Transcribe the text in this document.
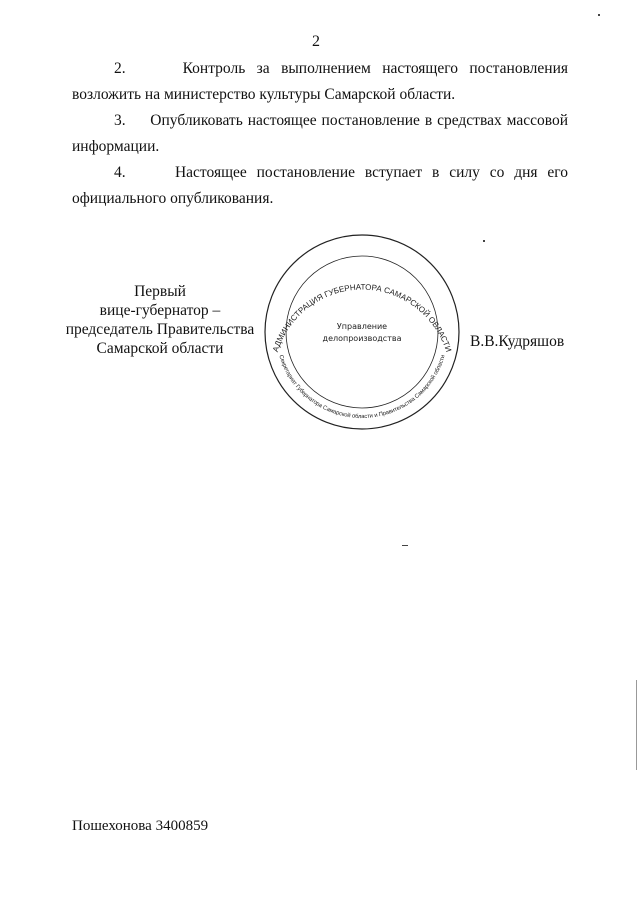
2

2.	Контроль за выполнением настоящего постановления возложить на министерство культуры Самарской области.

3. Опубликовать настоящее постановление в средствах массовой информации.

4.	Настоящее постановление вступает в силу со дня его официального опубликования.

АДМИНИСТРАЦИЯ ГУБЕРНАТОРА САМАРСКОЙ ОБЛАСТИ
Секретариат Губернатора Самарской области и Правительства Самарской области
Управление
делопроизводства
Первый
вице-губернатор –
председатель Правительства
Самарской области	В.В.Кудряшов
Пошехонова 3400859
